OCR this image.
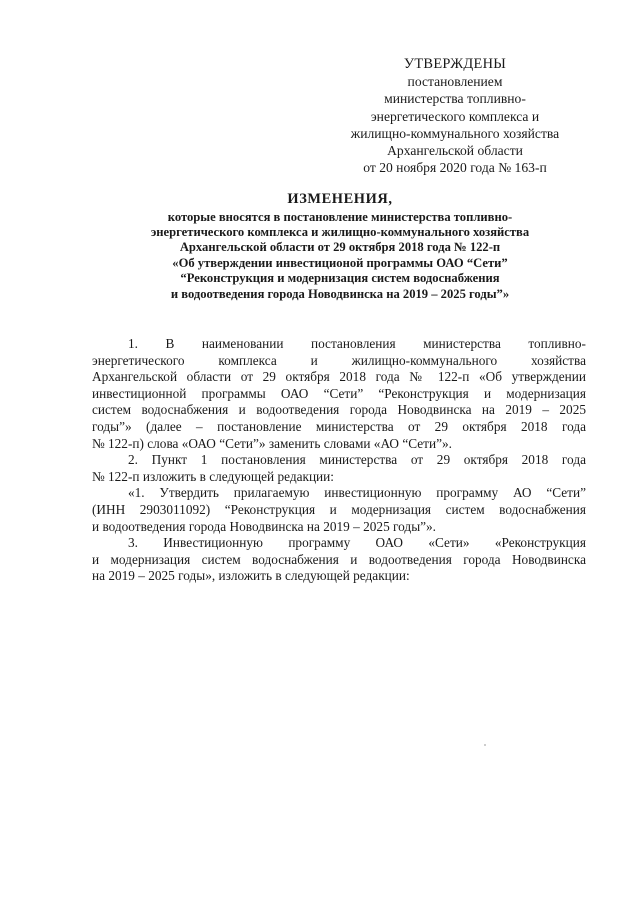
УТВЕРЖДЕНЫ
постановлением
министерства топливно-
энергетического комплекса и
жилищно-коммунального хозяйства
Архангельской области
от 20 ноября 2020 года № 163-п
ИЗМЕНЕНИЯ,
которые вносятся в постановление министерства топливно-
энергетического комплекса и жилищно-коммунального хозяйства
Архангельской области от 29 октября 2018 года № 122-п
«Об утверждении инвестиционой программы ОАО “Сети”
“Реконструкция и модернизация систем водоснабжения
и водоотведения города Новодвинска на 2019 – 2025 годы”»

1. В наименовании постановления министерства топливно-
энергетического комплекса и жилищно-коммунального хозяйства
Архангельской области от 29 октября 2018 года № 122-п «Об утверждении
инвестиционной программы ОАО “Сети” “Реконструкция и модернизация
систем водоснабжения и водоотведения города Новодвинска на 2019 – 2025
годы”» (далее – постановление министерства от 29 октября 2018 года
№ 122-п) слова «ОАО “Сети”» заменить словами «АО “Сети”».

2. Пункт 1 постановления министерства от 29 октября 2018 года
№ 122-п изложить в следующей редакции:

«1. Утвердить прилагаемую инвестиционную программу АО “Сети”
(ИНН 2903011092) “Реконструкция и модернизация систем водоснабжения
и водоотведения города Новодвинска на 2019 – 2025 годы”».

3. Инвестиционную программу ОАО «Сети» «Реконструкция
и модернизация систем водоснабжения и водоотведения города Новодвинска
на 2019 – 2025 годы», изложить в следующей редакции:
